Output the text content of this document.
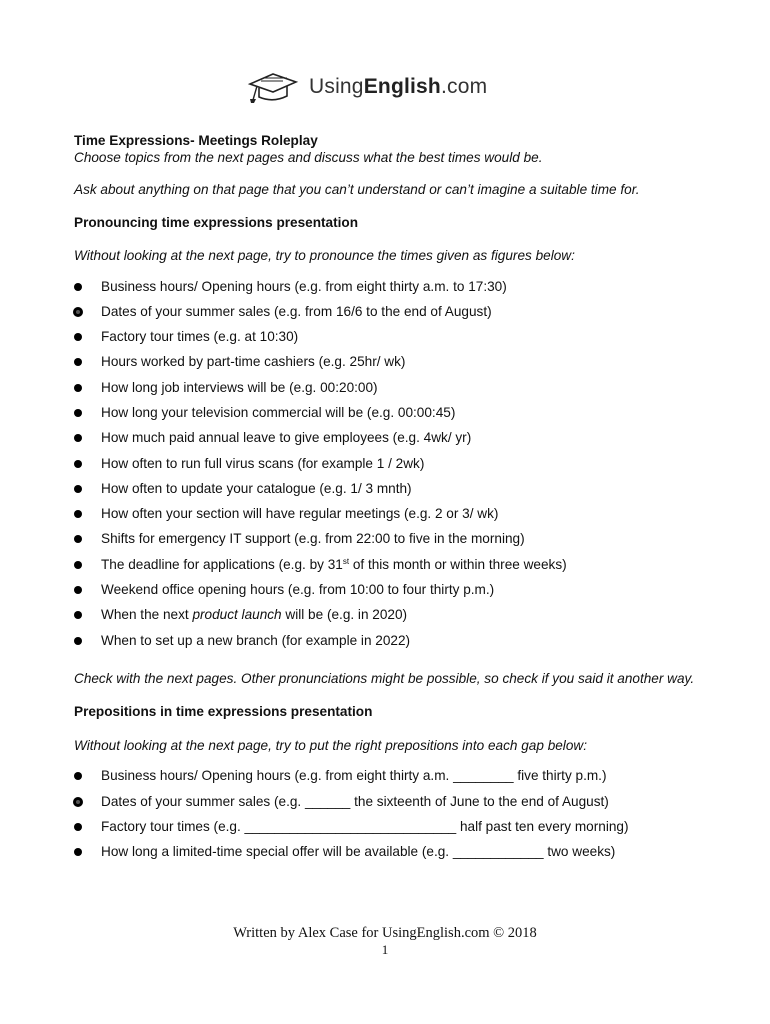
UsingEnglish.com

Time Expressions- Meetings Roleplay

Choose topics from the next pages and discuss what the best times would be.

Ask about anything on that page that you can’t understand or can’t imagine a suitable time for.

Pronouncing time expressions presentation

Without looking at the next page, try to pronounce the times given as figures below:

Business hours/ Opening hours (e.g. from eight thirty a.m. to 17:30)
Dates of your summer sales (e.g. from 16/6 to the end of August)
Factory tour times (e.g. at 10:30)
Hours worked by part-time cashiers (e.g. 25hr/ wk)
How long job interviews will be (e.g. 00:20:00)
How long your television commercial will be (e.g. 00:00:45)
How much paid annual leave to give employees (e.g. 4wk/ yr)
How often to run full virus scans (for example 1 / 2wk)
How often to update your catalogue (e.g. 1/ 3 mnth)
How often your section will have regular meetings (e.g. 2 or 3/ wk)
Shifts for emergency IT support (e.g. from 22:00 to five in the morning)
The deadline for applications (e.g. by 31st of this month or within three weeks)
Weekend office opening hours (e.g. from 10:00 to four thirty p.m.)
When the next product launch will be (e.g. in 2020)
When to set up a new branch (for example in 2022)

Check with the next pages. Other pronunciations might be possible, so check if you said it another way.

Prepositions in time expressions presentation

Without looking at the next page, try to put the right prepositions into each gap below:

Business hours/ Opening hours (e.g. from eight thirty a.m. ________ five thirty p.m.)
Dates of your summer sales (e.g. ______ the sixteenth of June to the end of August)
Factory tour times (e.g. ____________________________ half past ten every morning)
How long a limited-time special offer will be available (e.g. ____________ two weeks)
Written by Alex Case for UsingEnglish.com © 2018
1
